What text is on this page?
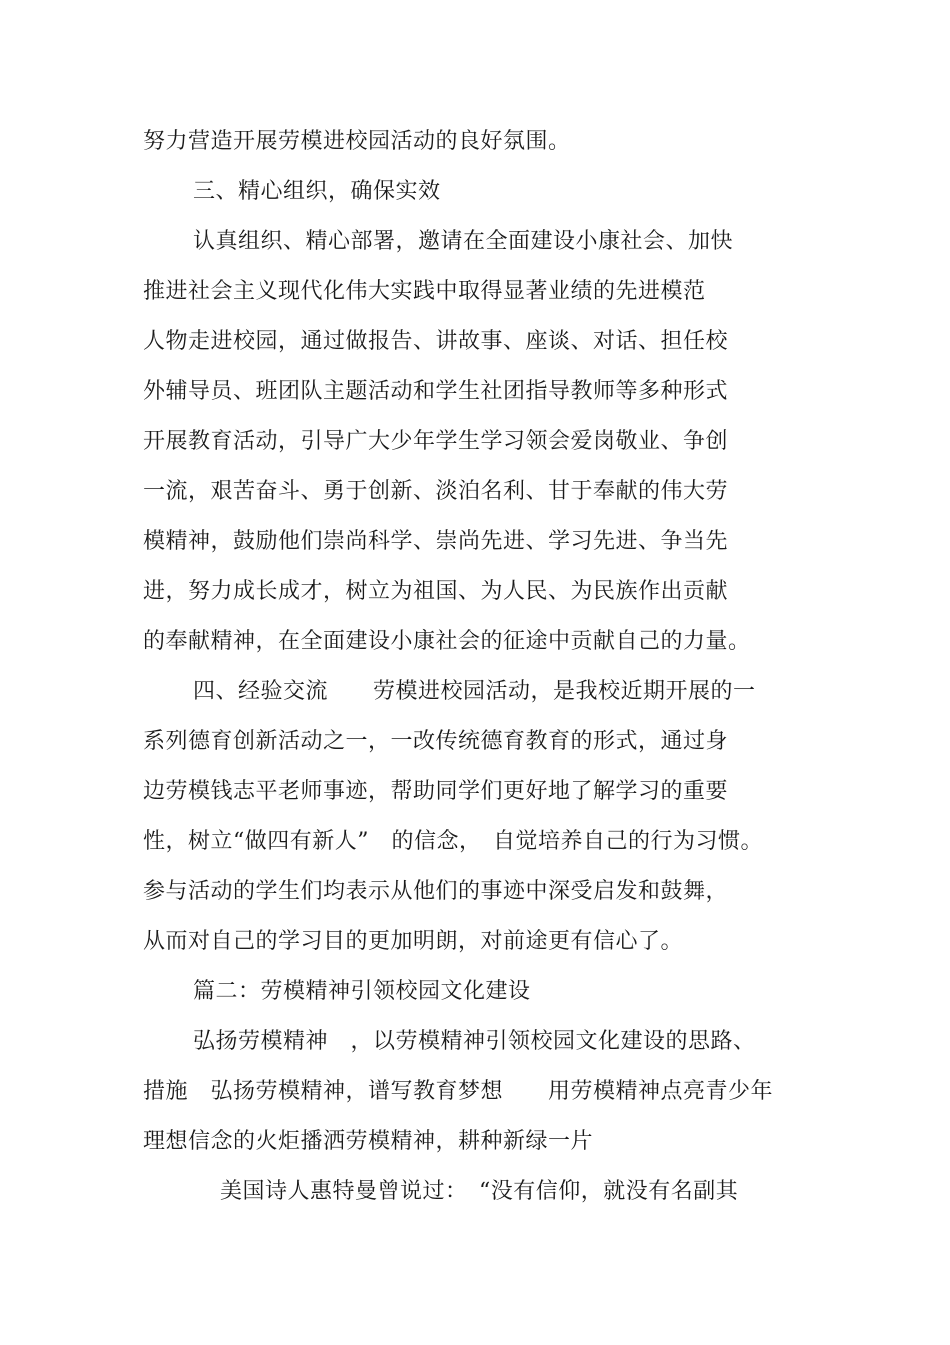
努力营造开展劳模进校园活动的良好氛围。
三、精心组织，确保实效
认真组织、精心部署，邀请在全面建设小康社会、加快
推进社会主义现代化伟大实践中取得显著业绩的先进模范
人物走进校园，通过做报告、讲故事、座谈、对话、担任校
外辅导员、班团队主题活动和学生社团指导教师等多种形式
开展教育活动，引导广大少年学生学习领会爱岗敬业、争创
一流，艰苦奋斗、勇于创新、淡泊名利、甘于奉献的伟大劳
模精神，鼓励他们崇尚科学、崇尚先进、学习先进、争当先
进，努力成长成才，树立为祖国、为人民、为民族作出贡献
的奉献精神，在全面建设小康社会的征途中贡献自己的力量。
四、经验交流　　劳模进校园活动，是我校近期开展的一
系列德育创新活动之一，一改传统德育教育的形式，通过身
边劳模钱志平老师事迹，帮助同学们更好地了解学习的重要
性，树立“做四有新人”　的信念，　自觉培养自己的行为习惯。
参与活动的学生们均表示从他们的事迹中深受启发和鼓舞，
从而对自己的学习目的更加明朗，对前途更有信心了。
篇二：劳模精神引领校园文化建设
弘扬劳模精神　，以劳模精神引领校园文化建设的思路、
措施　弘扬劳模精神，谱写教育梦想　　用劳模精神点亮青少年
理想信念的火炬播洒劳模精神，耕种新绿一片
美国诗人惠特曼曾说过：　“没有信仰，就没有名副其
